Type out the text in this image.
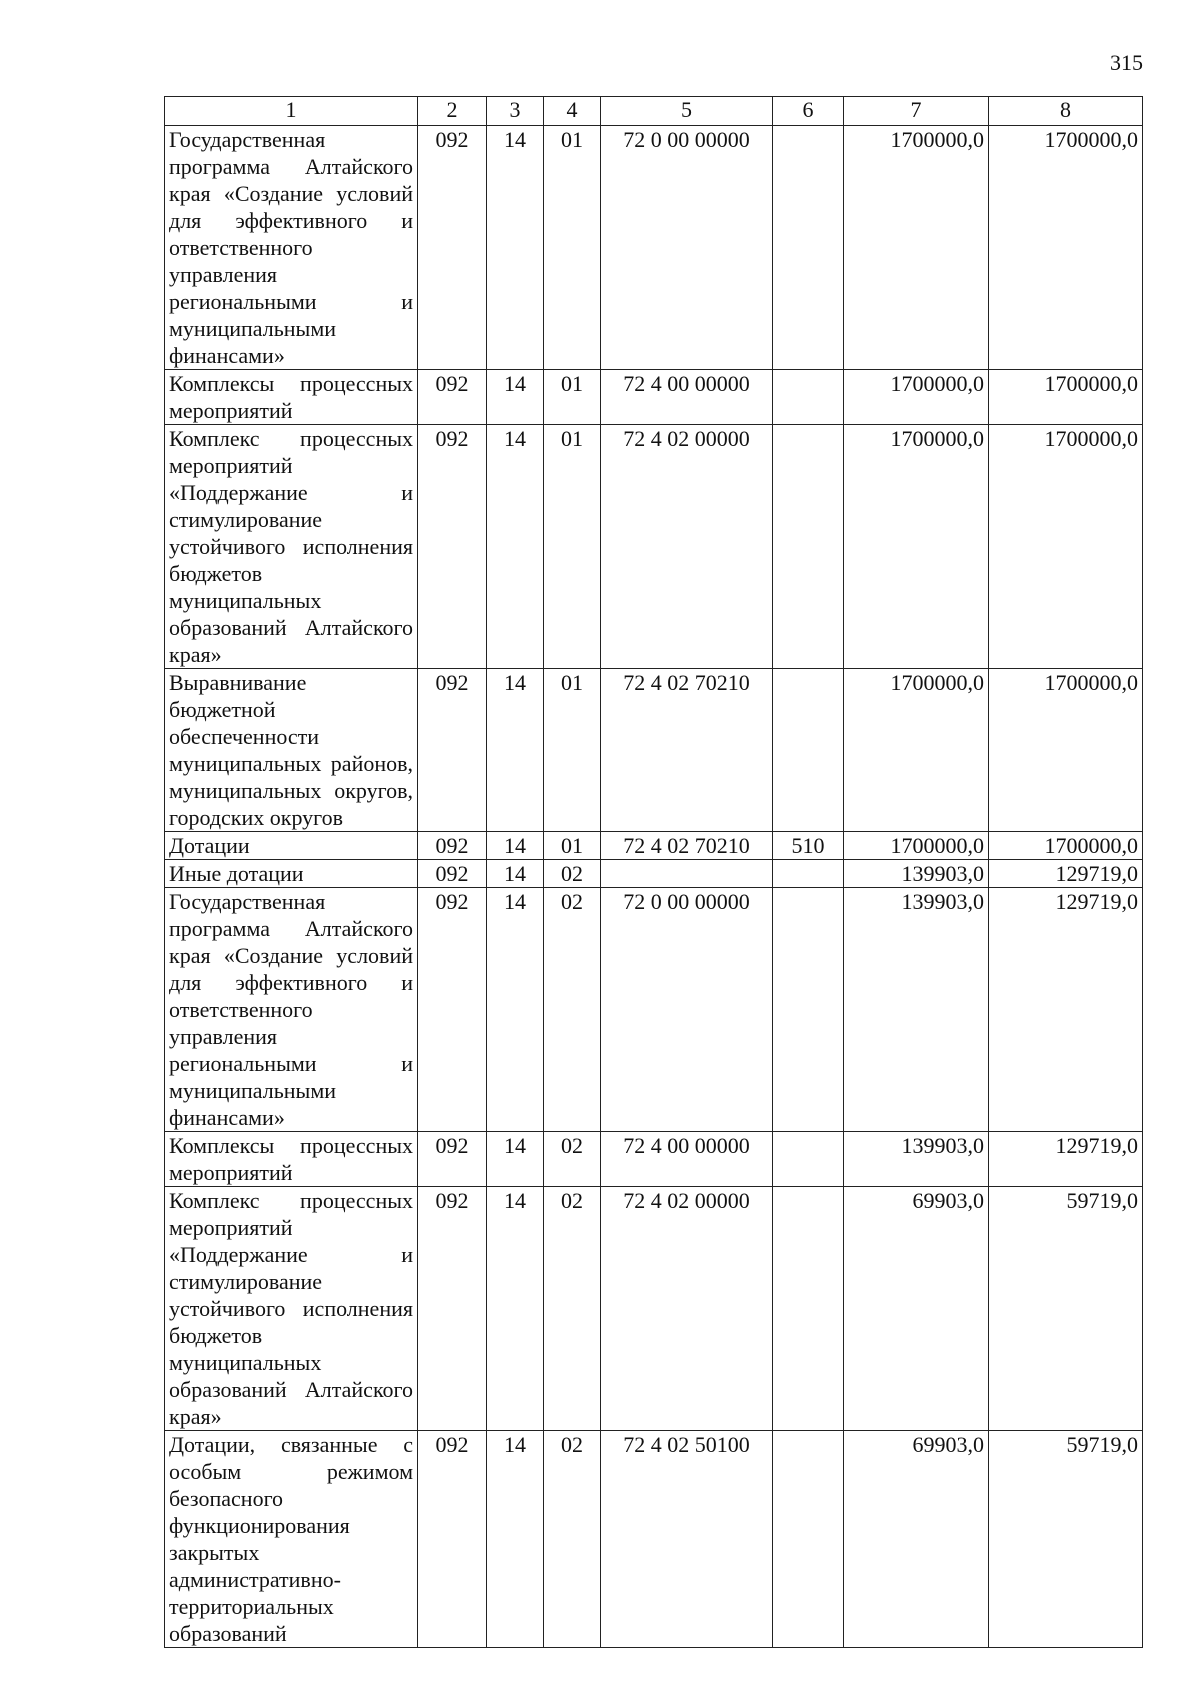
315
1	2	3	4	5	6	7	8
Государственная программа Алтайского края «Создание условий для эффективного и ответственного управления региональными и муниципальными финансами»	092	14	01	72 0 00 00000		1700000,0	1700000,0
Комплексы процессных мероприятий	092	14	01	72 4 00 00000		1700000,0	1700000,0
Комплекс процессных мероприятий «Поддержание и стимулирование устойчивого исполнения бюджетов муниципальных образований Алтайского края»	092	14	01	72 4 02 00000		1700000,0	1700000,0
Выравнивание бюджетной обеспеченности муниципальных районов, муниципальных округов, городских округов	092	14	01	72 4 02 70210		1700000,0	1700000,0
Дотации	092	14	01	72 4 02 70210	510	1700000,0	1700000,0
Иные дотации	092	14	02			139903,0	129719,0
Государственная программа Алтайского края «Создание условий для эффективного и ответственного управления региональными и муниципальными финансами»	092	14	02	72 0 00 00000		139903,0	129719,0
Комплексы процессных мероприятий	092	14	02	72 4 00 00000		139903,0	129719,0
Комплекс процессных мероприятий «Поддержание и стимулирование устойчивого исполнения бюджетов муниципальных образований Алтайского края»	092	14	02	72 4 02 00000		69903,0	59719,0
Дотации, связанные с особым режимом безопасного функционирования закрытых административно-территориальных образований	092	14	02	72 4 02 50100		69903,0	59719,0
